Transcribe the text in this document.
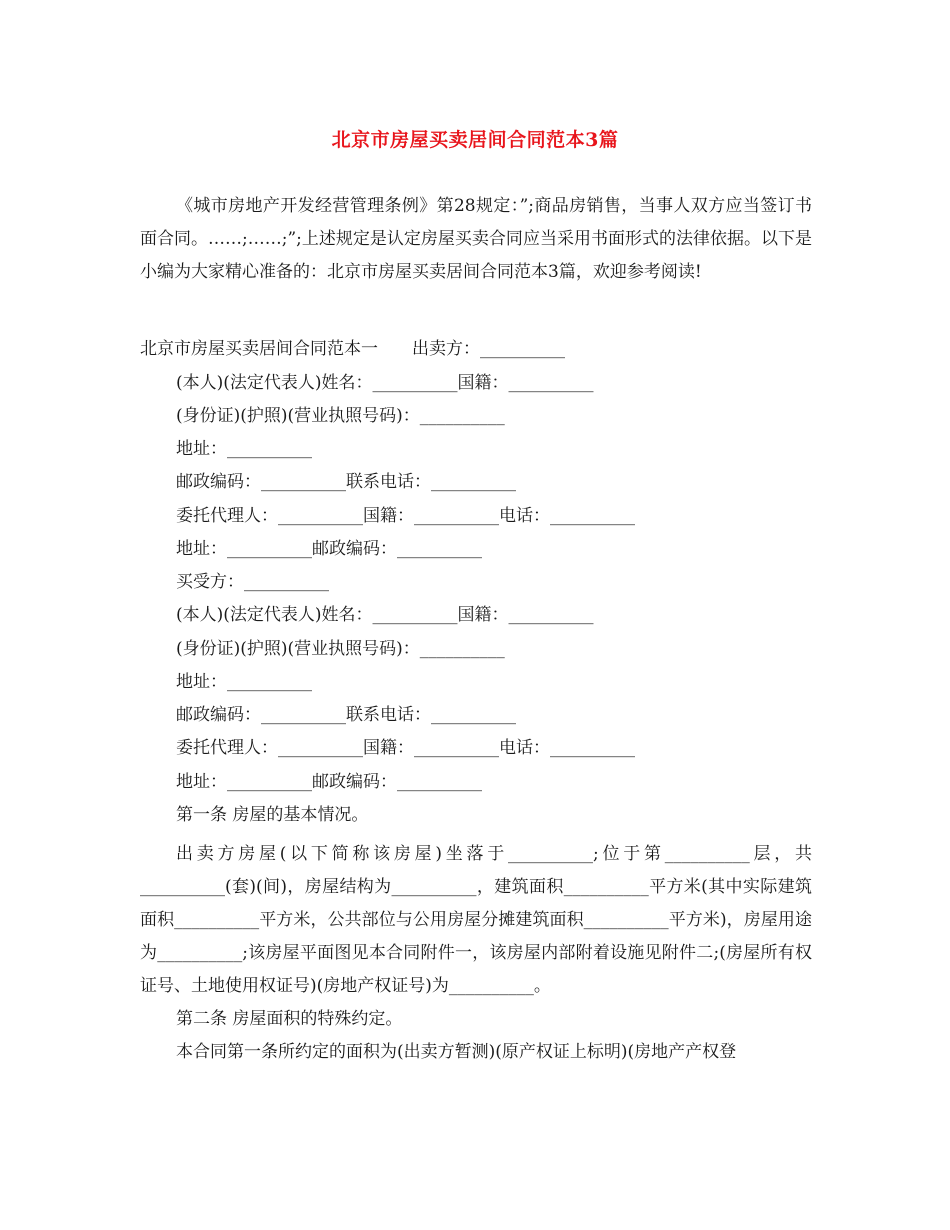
北京市房屋买卖居间合同范本3篇

《城市房地产开发经营管理条例》第28规定：”;商品房销售，当事人双方应当签订书面合同。……;……;”;上述规定是认定房屋买卖合同应当采用书面形式的法律依据。以下是小编为大家精心准备的：北京市房屋买卖居间合同范本3篇，欢迎参考阅读!

北京市房屋买卖居间合同范本一　　出卖方：__________
(本人)(法定代表人)姓名：__________国籍：__________
(身份证)(护照)(营业执照号码)：__________
地址：__________
邮政编码：__________联系电话：__________
委托代理人：__________国籍：__________电话：__________
地址：__________邮政编码：__________
买受方：__________
(本人)(法定代表人)姓名：__________国籍：__________
(身份证)(护照)(营业执照号码)：__________
地址：__________
邮政编码：__________联系电话：__________
委托代理人：__________国籍：__________电话：__________
地址：__________邮政编码：__________
第一条 房屋的基本情况。

出卖方房屋(以下简称该房屋)坐落于__________;位于第__________层，共__________(套)(间)，房屋结构为__________，建筑面积__________平方米(其中实际建筑面积__________平方米，公共部位与公用房屋分摊建筑面积__________平方米)，房屋用途为__________;该房屋平面图见本合同附件一，该房屋内部附着设施见附件二;(房屋所有权证号、土地使用权证号)(房地产权证号)为__________。

第二条 房屋面积的特殊约定。

本合同第一条所约定的面积为(出卖方暂测)(原产权证上标明)(房地产产权登
